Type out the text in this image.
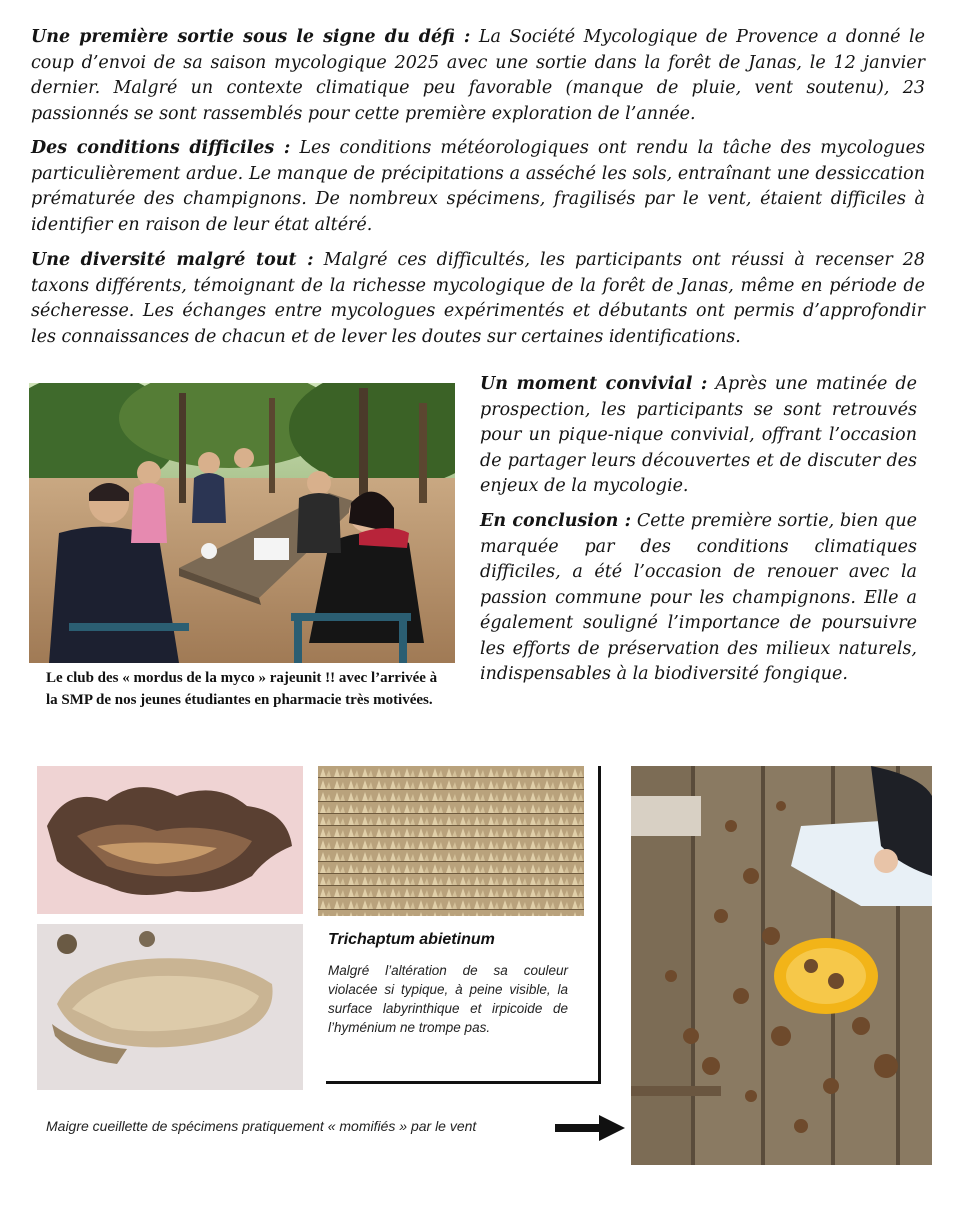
Une première sortie sous le signe du défi : La Société Mycologique de Provence a donné le coup d’envoi de sa saison mycologique 2025 avec une sortie dans la forêt de Janas, le 12 janvier dernier. Malgré un contexte climatique peu favorable (manque de pluie, vent soutenu), 23 passionnés se sont rassemblés pour cette première exploration de l’année.

Des conditions difficiles : Les conditions météorologiques ont rendu la tâche des mycologues particulièrement ardue. Le manque de précipitations a asséché les sols, entraînant une dessiccation prématurée des champignons. De nombreux spécimens, fragilisés par le vent, étaient difficiles à identifier en raison de leur état altéré.

Une diversité malgré tout : Malgré ces difficultés, les participants ont réussi à recenser 28 taxons différents, témoignant de la richesse mycologique de la forêt de Janas, même en période de sécheresse. Les échanges entre mycologues expérimentés et débutants ont permis d’approfondir les connaissances de chacun et de lever les doutes sur certaines identifications.

Le club des « mordus de la myco » rajeunit !! avec l’arrivée à la SMP de nos jeunes étudiantes en pharmacie très motivées.

Un moment convivial : Après une matinée de prospection, les participants se sont retrouvés pour un pique-nique convivial, offrant l’occasion de partager leurs découvertes et de discuter des enjeux de la mycologie.

En conclusion : Cette première sortie, bien que marquée par des conditions climatiques difficiles, a été l’occasion de renouer avec la passion commune pour les champignons. Elle a également souligné l’importance de poursuivre les efforts de préservation des milieux naturels, indispensables à la biodiversité fongique.

Trichaptum abietinum

Malgré l’altération de sa couleur violacée si typique, à peine visible, la surface labyrinthique et irpicoide de l’hyménium ne trompe pas.

Maigre cueillette de spécimens pratiquement « momifiés » par le vent
